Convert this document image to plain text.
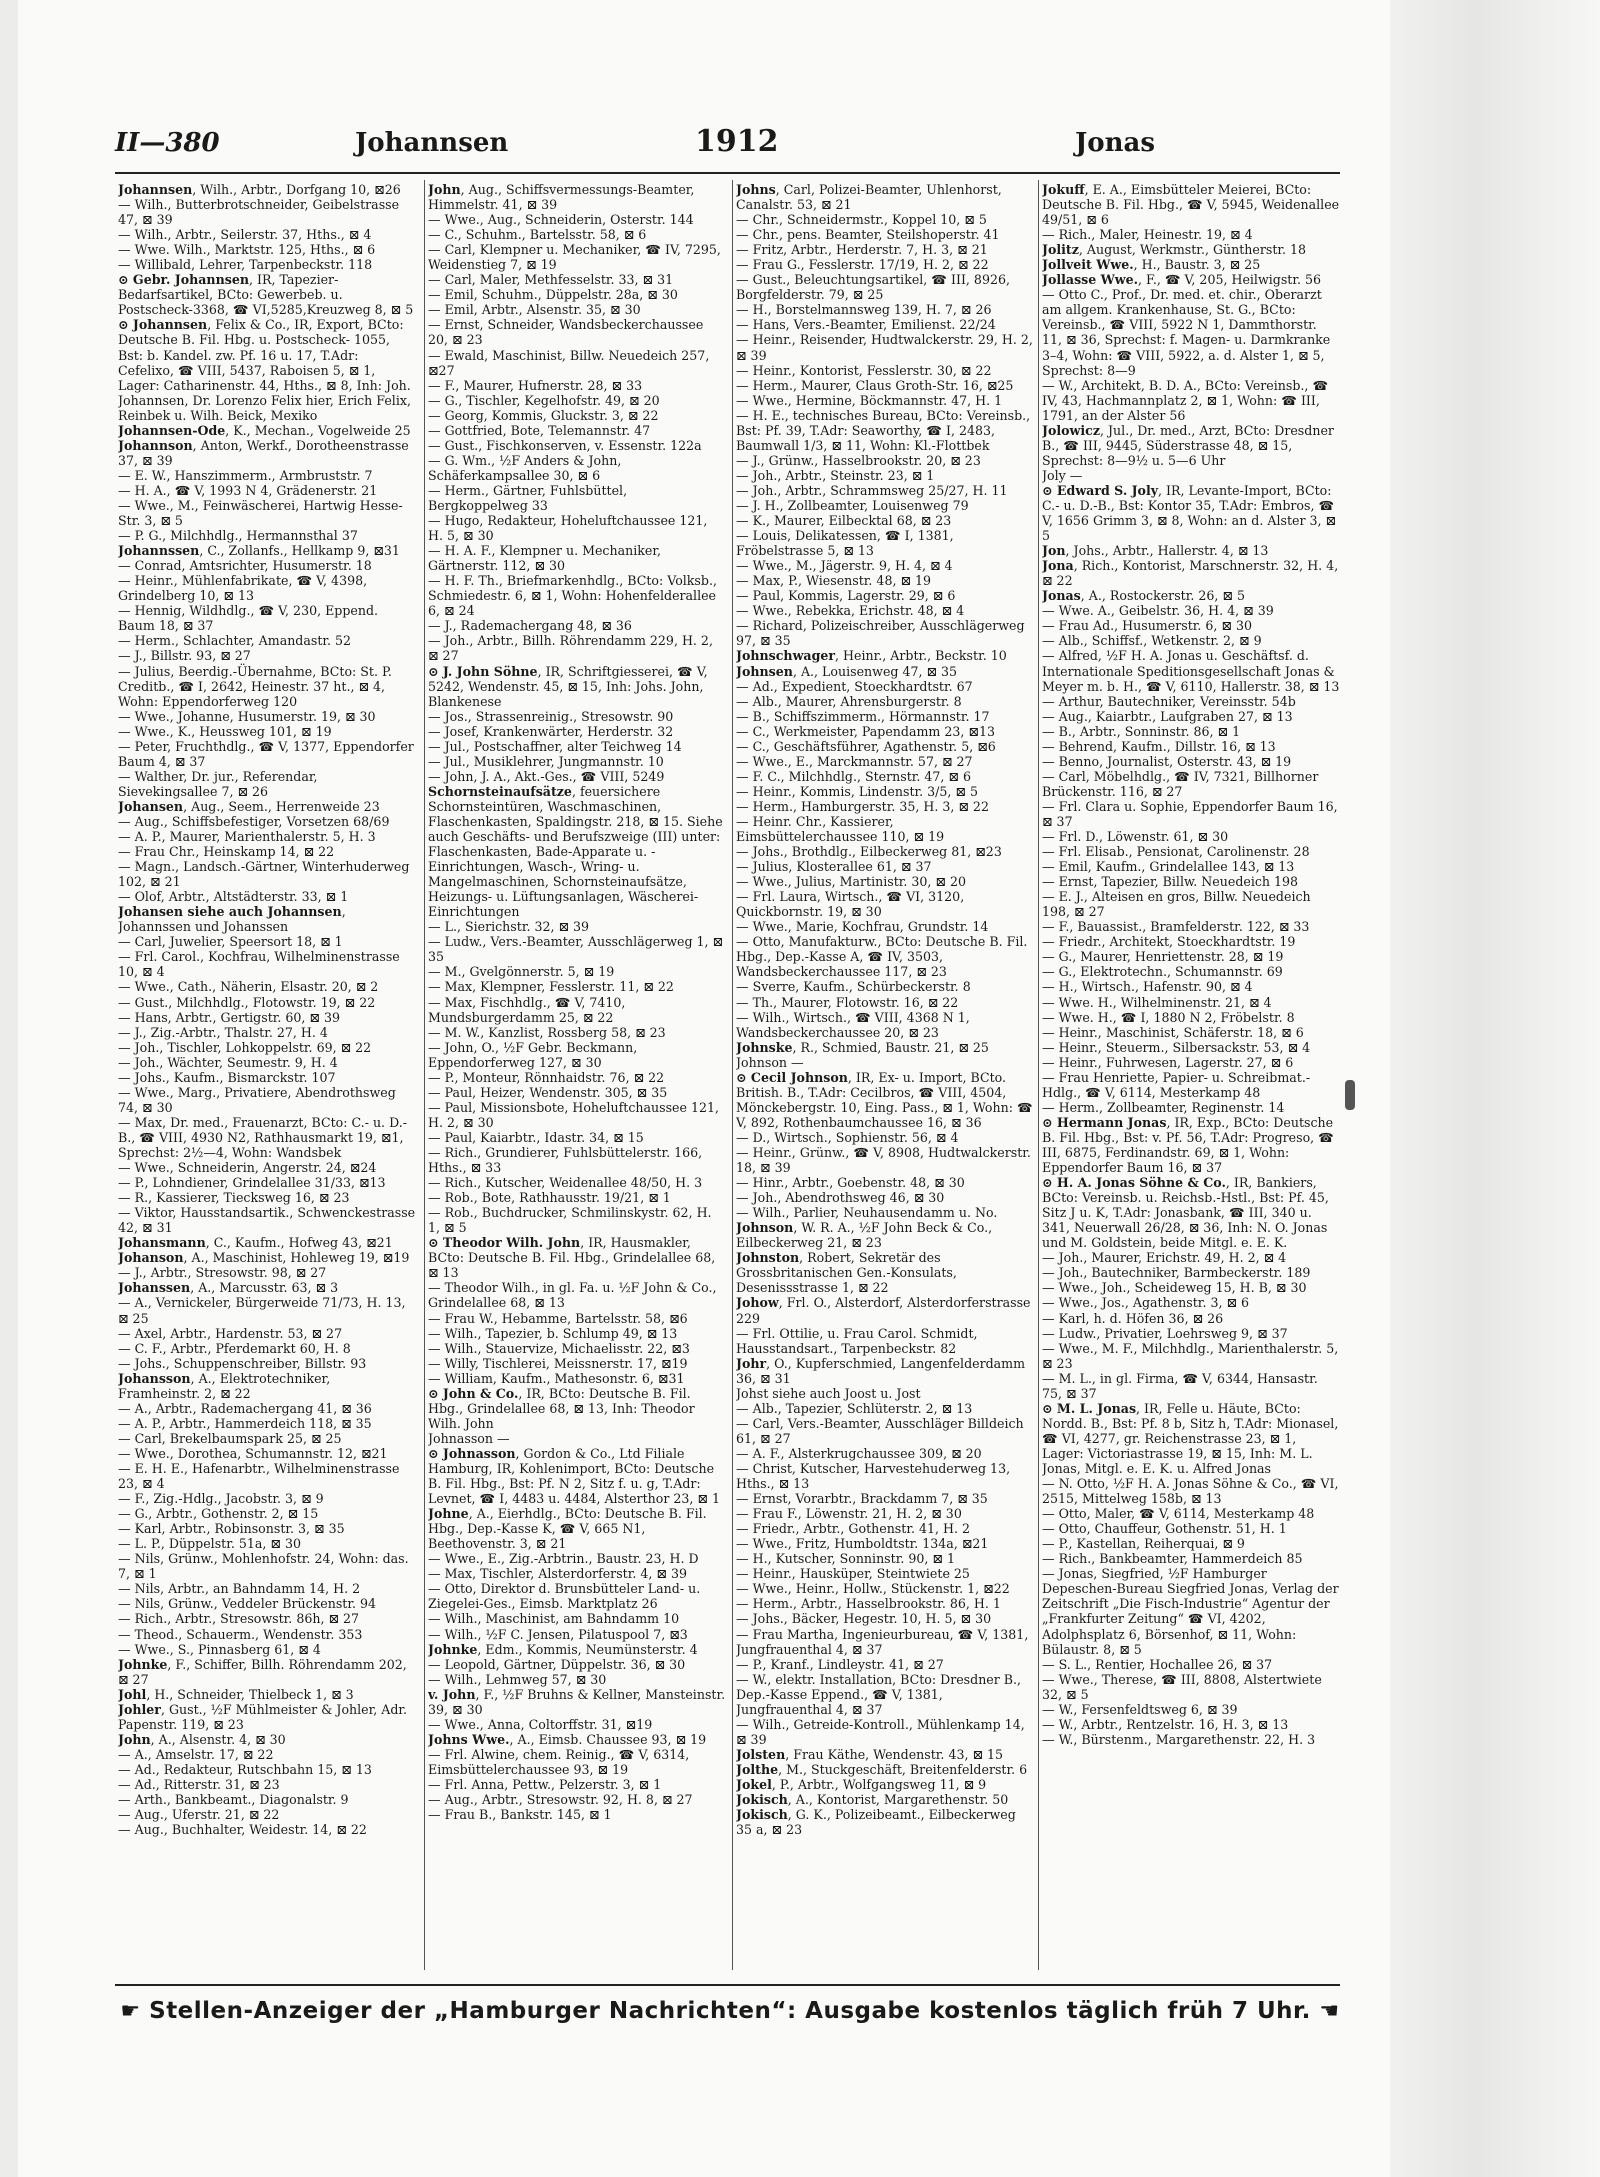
II—380	Johannsen	1912	Jonas
Johannsen, Wilh., Arbtr., Dorfgang 10, ⊠26
— Wilh., Butterbrotschneider, Geibelstrasse 47, ⊠ 39
— Wilh., Arbtr., Seilerstr. 37, Hths., ⊠ 4
— Wwe. Wilh., Marktstr. 125, Hths., ⊠ 6
— Willibald, Lehrer, Tarpenbeckstr. 118
⊙ Gebr. Johannsen, IR, Tapezier-Bedarfsartikel, BCto: Gewerbeb. u. Postscheck-3368, ☎ VI,5285,Kreuzweg 8, ⊠ 5
⊙ Johannsen, Felix & Co., IR, Export, BCto: Deutsche B. Fil. Hbg. u. Postscheck- 1055, Bst: b. Kandel. zw. Pf. 16 u. 17, T.Adr: Cefelixo, ☎ VIII, 5437, Raboisen 5, ⊠ 1, Lager: Catharinenstr. 44, Hths., ⊠ 8, Inh: Joh. Johannsen, Dr. Lorenzo Felix hier, Erich Felix, Reinbek u. Wilh. Beick, Mexiko
Johannsen-Ode, K., Mechan., Vogelweide 25
Johannson, Anton, Werkf., Dorotheenstrasse 37, ⊠ 39
— E. W., Hanszimmerm., Armbruststr. 7
— H. A., ☎ V, 1993 N 4, Grädenerstr. 21
— Wwe., M., Feinwäscherei, Hartwig Hesse-Str. 3, ⊠ 5
— P. G., Milchhdlg., Hermannsthal 37
Johannssen, C., Zollanfs., Hellkamp 9, ⊠31
— Conrad, Amtsrichter, Husumerstr. 18
— Heinr., Mühlenfabrikate, ☎ V, 4398, Grindelberg 10, ⊠ 13
— Hennig, Wildhdlg., ☎ V, 230, Eppend. Baum 18, ⊠ 37
— Herm., Schlachter, Amandastr. 52
— J., Billstr. 93, ⊠ 27
— Julius, Beerdig.-Übernahme, BCto: St. P. Creditb., ☎ I, 2642, Heinestr. 37 ht., ⊠ 4, Wohn: Eppendorferweg 120
— Wwe., Johanne, Husumerstr. 19, ⊠ 30
— Wwe., K., Heussweg 101, ⊠ 19
— Peter, Fruchthdlg., ☎ V, 1377, Eppendorfer Baum 4, ⊠ 37
— Walther, Dr. jur., Referendar, Sievekingsallee 7, ⊠ 26
Johansen, Aug., Seem., Herrenweide 23
— Aug., Schiffsbefestiger, Vorsetzen 68/69
— A. P., Maurer, Marienthalerstr. 5, H. 3
— Frau Chr., Heinskamp 14, ⊠ 22
— Magn., Landsch.-Gärtner, Winterhuderweg 102, ⊠ 21
— Olof, Arbtr., Altstädterstr. 33, ⊠ 1
Johansen siehe auch Johannsen, Johannssen und Johanssen
— Carl, Juwelier, Speersort 18, ⊠ 1
— Frl. Carol., Kochfrau, Wilhelminenstrasse 10, ⊠ 4
— Wwe., Cath., Näherin, Elsastr. 20, ⊠ 2
— Gust., Milchhdlg., Flotowstr. 19, ⊠ 22
— Hans, Arbtr., Gertigstr. 60, ⊠ 39
— J., Zig.-Arbtr., Thalstr. 27, H. 4
— Joh., Tischler, Lohkoppelstr. 69, ⊠ 22
— Joh., Wächter, Seumestr. 9, H. 4
— Johs., Kaufm., Bismarckstr. 107
— Wwe., Marg., Privatiere, Abendrothsweg 74, ⊠ 30
— Max, Dr. med., Frauenarzt, BCto: C.- u. D.-B., ☎ VIII, 4930 N2, Rathhausmarkt 19, ⊠1, Sprechst: 2½—4, Wohn: Wandsbek
— Wwe., Schneiderin, Angerstr. 24, ⊠24
— P., Lohndiener, Grindelallee 31/33, ⊠13
— R., Kassierer, Tiecksweg 16, ⊠ 23
— Viktor, Hausstandsartik., Schwenckestrasse 42, ⊠ 31
Johansmann, C., Kaufm., Hofweg 43, ⊠21
Johanson, A., Maschinist, Hohleweg 19, ⊠19
— J., Arbtr., Stresowstr. 98, ⊠ 27
Johanssen, A., Marcusstr. 63, ⊠ 3
— A., Vernickeler, Bürgerweide 71/73, H. 13, ⊠ 25
— Axel, Arbtr., Hardenstr. 53, ⊠ 27
— C. F., Arbtr., Pferdemarkt 60, H. 8
— Johs., Schuppenschreiber, Billstr. 93
Johansson, A., Elektrotechniker, Framheinstr. 2, ⊠ 22
— A., Arbtr., Rademachergang 41, ⊠ 36
— A. P., Arbtr., Hammerdeich 118, ⊠ 35
— Carl, Brekelbaumspark 25, ⊠ 25
— Wwe., Dorothea, Schumannstr. 12, ⊠21
— E. H. E., Hafenarbtr., Wilhelminenstrasse 23, ⊠ 4
— F., Zig.-Hdlg., Jacobstr. 3, ⊠ 9
— G., Arbtr., Gothenstr. 2, ⊠ 15
— Karl, Arbtr., Robinsonstr. 3, ⊠ 35
— L. P., Düppelstr. 51a, ⊠ 30
— Nils, Grünw., Mohlenhofstr. 24, Wohn: das. 7, ⊠ 1
— Nils, Arbtr., an Bahndamm 14, H. 2
— Nils, Grünw., Veddeler Brückenstr. 94
— Rich., Arbtr., Stresowstr. 86h, ⊠ 27
— Theod., Schauerm., Wendenstr. 353
— Wwe., S., Pinnasberg 61, ⊠ 4
Johnke, F., Schiffer, Billh. Röhrendamm 202, ⊠ 27
Johl, H., Schneider, Thielbeck 1, ⊠ 3
Johler, Gust., ½F Mühlmeister & Johler, Adr. Papenstr. 119, ⊠ 23
John, A., Alsenstr. 4, ⊠ 30
— A., Amselstr. 17, ⊠ 22
— Ad., Redakteur, Rutschbahn 15, ⊠ 13
— Ad., Ritterstr. 31, ⊠ 23
— Arth., Bankbeamt., Diagonalstr. 9
— Aug., Uferstr. 21, ⊠ 22
— Aug., Buchhalter, Weidestr. 14, ⊠ 22
John, Aug., Schiffsvermessungs-Beamter, Himmelstr. 41, ⊠ 39
— Wwe., Aug., Schneiderin, Osterstr. 144
— C., Schuhm., Bartelsstr. 58, ⊠ 6
— Carl, Klempner u. Mechaniker, ☎ IV, 7295, Weidenstieg 7, ⊠ 19
— Carl, Maler, Methfesselstr. 33, ⊠ 31
— Emil, Schuhm., Düppelstr. 28a, ⊠ 30
— Emil, Arbtr., Alsenstr. 35, ⊠ 30
— Ernst, Schneider, Wandsbeckerchaussee 20, ⊠ 23
— Ewald, Maschinist, Billw. Neuedeich 257, ⊠27
— F., Maurer, Hufnerstr. 28, ⊠ 33
— G., Tischler, Kegelhofstr. 49, ⊠ 20
— Georg, Kommis, Gluckstr. 3, ⊠ 22
— Gottfried, Bote, Telemannstr. 47
— Gust., Fischkonserven, v. Essenstr. 122a
— G. Wm., ½F Anders & John, Schäferkampsallee 30, ⊠ 6
— Herm., Gärtner, Fuhlsbüttel, Bergkoppelweg 33
— Hugo, Redakteur, Hoheluftchaussee 121, H. 5, ⊠ 30
— H. A. F., Klempner u. Mechaniker, Gärtnerstr. 112, ⊠ 30
— H. F. Th., Briefmarkenhdlg., BCto: Volksb., Schmiedestr. 6, ⊠ 1, Wohn: Hohenfelderallee 6, ⊠ 24
— J., Rademachergang 48, ⊠ 36
— Joh., Arbtr., Billh. Röhrendamm 229, H. 2, ⊠ 27
⊙ J. John Söhne, IR, Schriftgiesserei, ☎ V, 5242, Wendenstr. 45, ⊠ 15, Inh: Johs. John, Blankenese
— Jos., Strassenreinig., Stresowstr. 90
— Josef, Krankenwärter, Herderstr. 32
— Jul., Postschaffner, alter Teichweg 14
— Jul., Musiklehrer, Jungmannstr. 10
— John, J. A., Akt.-Ges., ☎ VIII, 5249
Schornsteinaufsätze, feuersichere Schornsteintüren, Waschmaschinen, Flaschenkasten, Spaldingstr. 218, ⊠ 15. Siehe auch Geschäfts- und Berufszweige (III) unter: Flaschenkasten, Bade-Apparate u. -Einrichtungen, Wasch-, Wring- u. Mangelmaschinen, Schornsteinaufsätze, Heizungs- u. Lüftungsanlagen, Wäscherei-Einrichtungen
— L., Sierichstr. 32, ⊠ 39
— Ludw., Vers.-Beamter, Ausschlägerweg 1, ⊠ 35
— M., Gvelgönnerstr. 5, ⊠ 19
— Max, Klempner, Fesslerstr. 11, ⊠ 22
— Max, Fischhdlg., ☎ V, 7410, Mundsburgerdamm 25, ⊠ 22
— M. W., Kanzlist, Rossberg 58, ⊠ 23
— John, O., ½F Gebr. Beckmann, Eppendorferweg 127, ⊠ 30
— P., Monteur, Rönnhaidstr. 76, ⊠ 22
— Paul, Heizer, Wendenstr. 305, ⊠ 35
— Paul, Missionsbote, Hoheluftchaussee 121, H. 2, ⊠ 30
— Paul, Kaiarbtr., Idastr. 34, ⊠ 15
— Rich., Grundierer, Fuhlsbüttelerstr. 166, Hths., ⊠ 33
— Rich., Kutscher, Weidenallee 48/50, H. 3
— Rob., Bote, Rathhausstr. 19/21, ⊠ 1
— Rob., Buchdrucker, Schmilinskystr. 62, H. 1, ⊠ 5
⊙ Theodor Wilh. John, IR, Hausmakler, BCto: Deutsche B. Fil. Hbg., Grindelallee 68, ⊠ 13
— Theodor Wilh., in gl. Fa. u. ½F John & Co., Grindelallee 68, ⊠ 13
— Frau W., Hebamme, Bartelsstr. 58, ⊠6
— Wilh., Tapezier, b. Schlump 49, ⊠ 13
— Wilh., Stauervize, Michaelisstr. 22, ⊠3
— Willy, Tischlerei, Meissnerstr. 17, ⊠19
— William, Kaufm., Mathesonstr. 6, ⊠31
⊙ John & Co., IR, BCto: Deutsche B. Fil. Hbg., Grindelallee 68, ⊠ 13, Inh: Theodor Wilh. John
Johnasson —
⊙ Johnasson, Gordon & Co., Ltd Filiale Hamburg, IR, Kohlenimport, BCto: Deutsche B. Fil. Hbg., Bst: Pf. N 2, Sitz f. u. g, T.Adr: Levnet, ☎ I, 4483 u. 4484, Alsterthor 23, ⊠ 1
Johne, A., Eierhdlg., BCto: Deutsche B. Fil. Hbg., Dep.-Kasse K, ☎ V, 665 N1, Beethovenstr. 3, ⊠ 21
— Wwe., E., Zig.-Arbtrin., Baustr. 23, H. D
— Max, Tischler, Alsterdorferstr. 4, ⊠ 39
— Otto, Direktor d. Brunsbütteler Land- u. Ziegelei-Ges., Eimsb. Marktplatz 26
— Wilh., Maschinist, am Bahndamm 10
— Wilh., ½F C. Jensen, Pilatuspool 7, ⊠3
Johnke, Edm., Kommis, Neumünsterstr. 4
— Leopold, Gärtner, Düppelstr. 36, ⊠ 30
— Wilh., Lehmweg 57, ⊠ 30
v. John, F., ½F Bruhns & Kellner, Mansteinstr. 39, ⊠ 30
— Wwe., Anna, Coltorffstr. 31, ⊠19
Johns Wwe., A., Eimsb. Chaussee 93, ⊠ 19
— Frl. Alwine, chem. Reinig., ☎ V, 6314, Eimsbüttelerchaussee 93, ⊠ 19
— Frl. Anna, Pettw., Pelzerstr. 3, ⊠ 1
— Aug., Arbtr., Stresowstr. 92, H. 8, ⊠ 27
— Frau B., Bankstr. 145, ⊠ 1
Johns, Carl, Polizei-Beamter, Uhlenhorst, Canalstr. 53, ⊠ 21
— Chr., Schneidermstr., Koppel 10, ⊠ 5
— Chr., pens. Beamter, Steilshoperstr. 41
— Fritz, Arbtr., Herderstr. 7, H. 3, ⊠ 21
— Frau G., Fesslerstr. 17/19, H. 2, ⊠ 22
— Gust., Beleuchtungsartikel, ☎ III, 8926, Borgfelderstr. 79, ⊠ 25
— H., Borstelmannsweg 139, H. 7, ⊠ 26
— Hans, Vers.-Beamter, Emilienst. 22/24
— Heinr., Reisender, Hudtwalckerstr. 29, H. 2, ⊠ 39
— Heinr., Kontorist, Fesslerstr. 30, ⊠ 22
— Herm., Maurer, Claus Groth-Str. 16, ⊠25
— Wwe., Hermine, Böckmannstr. 47, H. 1
— H. E., technisches Bureau, BCto: Vereinsb., Bst: Pf. 39, T.Adr: Seaworthy, ☎ I, 2483, Baumwall 1/3, ⊠ 11, Wohn: Kl.-Flottbek
— J., Grünw., Hasselbrookstr. 20, ⊠ 23
— Joh., Arbtr., Steinstr. 23, ⊠ 1
— Joh., Arbtr., Schrammsweg 25/27, H. 11
— J. H., Zollbeamter, Louisenweg 79
— K., Maurer, Eilbecktal 68, ⊠ 23
— Louis, Delikatessen, ☎ I, 1381, Fröbelstrasse 5, ⊠ 13
— Wwe., M., Jägerstr. 9, H. 4, ⊠ 4
— Max, P., Wiesenstr. 48, ⊠ 19
— Paul, Kommis, Lagerstr. 29, ⊠ 6
— Wwe., Rebekka, Erichstr. 48, ⊠ 4
— Richard, Polizeischreiber, Ausschlägerweg 97, ⊠ 35
Johnschwager, Heinr., Arbtr., Beckstr. 10
Johnsen, A., Louisenweg 47, ⊠ 35
— Ad., Expedient, Stoeckhardtstr. 67
— Alb., Maurer, Ahrensburgerstr. 8
— B., Schiffszimmerm., Hörmannstr. 17
— C., Werkmeister, Papendamm 23, ⊠13
— C., Geschäftsführer, Agathenstr. 5, ⊠6
— Wwe., E., Marckmannstr. 57, ⊠ 27
— F. C., Milchhdlg., Sternstr. 47, ⊠ 6
— Heinr., Kommis, Lindenstr. 3/5, ⊠ 5
— Herm., Hamburgerstr. 35, H. 3, ⊠ 22
— Heinr. Chr., Kassierer, Eimsbüttelerchaussee 110, ⊠ 19
— Johs., Brothdlg., Eilbeckerweg 81, ⊠23
— Julius, Klosterallee 61, ⊠ 37
— Wwe., Julius, Martinistr. 30, ⊠ 20
— Frl. Laura, Wirtsch., ☎ VI, 3120, Quickbornstr. 19, ⊠ 30
— Wwe., Marie, Kochfrau, Grundstr. 14
— Otto, Manufakturw., BCto: Deutsche B. Fil. Hbg., Dep.-Kasse A, ☎ IV, 3503, Wandsbeckerchaussee 117, ⊠ 23
— Sverre, Kaufm., Schürbeckerstr. 8
— Th., Maurer, Flotowstr. 16, ⊠ 22
— Wilh., Wirtsch., ☎ VIII, 4368 N 1, Wandsbeckerchaussee 20, ⊠ 23
Johnske, R., Schmied, Baustr. 21, ⊠ 25
Johnson —
⊙ Cecil Johnson, IR, Ex- u. Import, BCto. British. B., T.Adr: Cecilbros, ☎ VIII, 4504, Mönckebergstr. 10, Eing. Pass., ⊠ 1, Wohn: ☎ V, 892, Rothenbaumchaussee 16, ⊠ 36
— D., Wirtsch., Sophienstr. 56, ⊠ 4
— Heinr., Grünw., ☎ V, 8908, Hudtwalckerstr. 18, ⊠ 39
— Hinr., Arbtr., Goebenstr. 48, ⊠ 30
— Joh., Abendrothsweg 46, ⊠ 30
— Wilh., Parlier, Neuhausendamm u. No.
Johnson, W. R. A., ½F John Beck & Co., Eilbeckerweg 21, ⊠ 23
Johnston, Robert, Sekretär des Grossbritanischen Gen.-Konsulats, Desenissstrasse 1, ⊠ 22
Johow, Frl. O., Alsterdorf, Alsterdorferstrasse 229
— Frl. Ottilie, u. Frau Carol. Schmidt, Hausstandsart., Tarpenbeckstr. 82
Johr, O., Kupferschmied, Langenfelderdamm 36, ⊠ 31
Johst siehe auch Joost u. Jost
— Alb., Tapezier, Schlüterstr. 2, ⊠ 13
— Carl, Vers.-Beamter, Ausschläger Billdeich 61, ⊠ 27
— A. F., Alsterkrugchaussee 309, ⊠ 20
— Christ, Kutscher, Harvestehuderweg 13, Hths., ⊠ 13
— Ernst, Vorarbtr., Brackdamm 7, ⊠ 35
— Frau F., Löwenstr. 21, H. 2, ⊠ 30
— Friedr., Arbtr., Gothenstr. 41, H. 2
— Wwe., Fritz, Humboldtstr. 134a, ⊠21
— H., Kutscher, Sonninstr. 90, ⊠ 1
— Heinr., Hausküper, Steintwiete 25
— Wwe., Heinr., Hollw., Stückenstr. 1, ⊠22
— Herm., Arbtr., Hasselbrookstr. 86, H. 1
— Johs., Bäcker, Hegestr. 10, H. 5, ⊠ 30
— Frau Martha, Ingenieurbureau, ☎ V, 1381, Jungfrauenthal 4, ⊠ 37
— P., Kranf., Lindleystr. 41, ⊠ 27
— W., elektr. Installation, BCto: Dresdner B., Dep.-Kasse Eppend., ☎ V, 1381, Jungfrauenthal 4, ⊠ 37
— Wilh., Getreide-Kontroll., Mühlenkamp 14, ⊠ 39
Jolsten, Frau Käthe, Wendenstr. 43, ⊠ 15
Jolthe, M., Stuckgeschäft, Breitenfelderstr. 6
Jokel, P., Arbtr., Wolfgangsweg 11, ⊠ 9
Jokisch, A., Kontorist, Margarethenstr. 50
Jokisch, G. K., Polizeibeamt., Eilbeckerweg 35 a, ⊠ 23
Jokuff, E. A., Eimsbütteler Meierei, BCto: Deutsche B. Fil. Hbg., ☎ V, 5945, Weidenallee 49/51, ⊠ 6
— Rich., Maler, Heinestr. 19, ⊠ 4
Jolitz, August, Werkmstr., Güntherstr. 18
Jollveit Wwe., H., Baustr. 3, ⊠ 25
Jollasse Wwe., F., ☎ V, 205, Heilwigstr. 56
— Otto C., Prof., Dr. med. et. chir., Oberarzt am allgem. Krankenhause, St. G., BCto: Vereinsb., ☎ VIII, 5922 N 1, Dammthorstr. 11, ⊠ 36, Sprechst: f. Magen- u. Darmkranke 3–4, Wohn: ☎ VIII, 5922, a. d. Alster 1, ⊠ 5, Sprechst: 8—9
— W., Architekt, B. D. A., BCto: Vereinsb., ☎ IV, 43, Hachmannplatz 2, ⊠ 1, Wohn: ☎ III, 1791, an der Alster 56
Jolowicz, Jul., Dr. med., Arzt, BCto: Dresdner B., ☎ III, 9445, Süderstrasse 48, ⊠ 15, Sprechst: 8—9½ u. 5—6 Uhr
Joly —
⊙ Edward S. Joly, IR, Levante-Import, BCto: C.- u. D.-B., Bst: Kontor 35, T.Adr: Embros, ☎ V, 1656 Grimm 3, ⊠ 8, Wohn: an d. Alster 3, ⊠ 5
Jon, Johs., Arbtr., Hallerstr. 4, ⊠ 13
Jona, Rich., Kontorist, Marschnerstr. 32, H. 4, ⊠ 22
Jonas, A., Rostockerstr. 26, ⊠ 5
— Wwe. A., Geibelstr. 36, H. 4, ⊠ 39
— Frau Ad., Husumerstr. 6, ⊠ 30
— Alb., Schiffsf., Wetkenstr. 2, ⊠ 9
— Alfred, ½F H. A. Jonas u. Geschäftsf. d. Internationale Speditionsgesellschaft Jonas & Meyer m. b. H., ☎ V, 6110, Hallerstr. 38, ⊠ 13
— Arthur, Bautechniker, Vereinsstr. 54b
— Aug., Kaiarbtr., Laufgraben 27, ⊠ 13
— B., Arbtr., Sonninstr. 86, ⊠ 1
— Behrend, Kaufm., Dillstr. 16, ⊠ 13
— Benno, Journalist, Osterstr. 43, ⊠ 19
— Carl, Möbelhdlg., ☎ IV, 7321, Billhorner Brückenstr. 116, ⊠ 27
— Frl. Clara u. Sophie, Eppendorfer Baum 16, ⊠ 37
— Frl. D., Löwenstr. 61, ⊠ 30
— Frl. Elisab., Pensionat, Carolinenstr. 28
— Emil, Kaufm., Grindelallee 143, ⊠ 13
— Ernst, Tapezier, Billw. Neuedeich 198
— E. J., Alteisen en gros, Billw. Neuedeich 198, ⊠ 27
— F., Bauassist., Bramfelderstr. 122, ⊠ 33
— Friedr., Architekt, Stoeckhardtstr. 19
— G., Maurer, Henriettenstr. 28, ⊠ 19
— G., Elektrotechn., Schumannstr. 69
— H., Wirtsch., Hafenstr. 90, ⊠ 4
— Wwe. H., Wilhelminenstr. 21, ⊠ 4
— Wwe. H., ☎ I, 1880 N 2, Fröbelstr. 8
— Heinr., Maschinist, Schäferstr. 18, ⊠ 6
— Heinr., Steuerm., Silbersackstr. 53, ⊠ 4
— Heinr., Fuhrwesen, Lagerstr. 27, ⊠ 6
— Frau Henriette, Papier- u. Schreibmat.-Hdlg., ☎ V, 6114, Mesterkamp 48
— Herm., Zollbeamter, Reginenstr. 14
⊙ Hermann Jonas, IR, Exp., BCto: Deutsche B. Fil. Hbg., Bst: v. Pf. 56, T.Adr: Progreso, ☎ III, 6875, Ferdinandstr. 69, ⊠ 1, Wohn: Eppendorfer Baum 16, ⊠ 37
⊙ H. A. Jonas Söhne & Co., IR, Bankiers, BCto: Vereinsb. u. Reichsb.-Hstl., Bst: Pf. 45, Sitz J u. K, T.Adr: Jonasbank, ☎ III, 340 u. 341, Neuerwall 26/28, ⊠ 36, Inh: N. O. Jonas und M. Goldstein, beide Mitgl. e. E. K.
— Joh., Maurer, Erichstr. 49, H. 2, ⊠ 4
— Joh., Bautechniker, Barmbeckerstr. 189
— Wwe., Joh., Scheideweg 15, H. B, ⊠ 30
— Wwe., Jos., Agathenstr. 3, ⊠ 6
— Karl, h. d. Höfen 36, ⊠ 26
— Ludw., Privatier, Loehrsweg 9, ⊠ 37
— Wwe., M. F., Milchhdlg., Marienthalerstr. 5, ⊠ 23
— M. L., in gl. Firma, ☎ V, 6344, Hansastr. 75, ⊠ 37
⊙ M. L. Jonas, IR, Felle u. Häute, BCto: Nordd. B., Bst: Pf. 8 b, Sitz h, T.Adr: Mionasel, ☎ VI, 4277, gr. Reichenstrasse 23, ⊠ 1, Lager: Victoriastrasse 19, ⊠ 15, Inh: M. L. Jonas, Mitgl. e. E. K. u. Alfred Jonas
— N. Otto, ½F H. A. Jonas Söhne & Co., ☎ VI, 2515, Mittelweg 158b, ⊠ 13
— Otto, Maler, ☎ V, 6114, Mesterkamp 48
— Otto, Chauffeur, Gothenstr. 51, H. 1
— P., Kastellan, Reiherquai, ⊠ 9
— Rich., Bankbeamter, Hammerdeich 85
— Jonas, Siegfried, ½F Hamburger Depeschen-Bureau Siegfried Jonas, Verlag der Zeitschrift „Die Fisch-Industrie“ Agentur der „Frankfurter Zeitung“ ☎ VI, 4202, Adolphsplatz 6, Börsenhof, ⊠ 11, Wohn: Bülaustr. 8, ⊠ 5
— S. L., Rentier, Hochallee 26, ⊠ 37
— Wwe., Therese, ☎ III, 8808, Alstertwiete 32, ⊠ 5
— W., Fersenfeldtsweg 6, ⊠ 39
— W., Arbtr., Rentzelstr. 16, H. 3, ⊠ 13
— W., Bürstenm., Margarethenstr. 22, H. 3
☛ Stellen-Anzeiger der „Hamburger Nachrichten“: Ausgabe kostenlos täglich früh 7 Uhr. ☚
